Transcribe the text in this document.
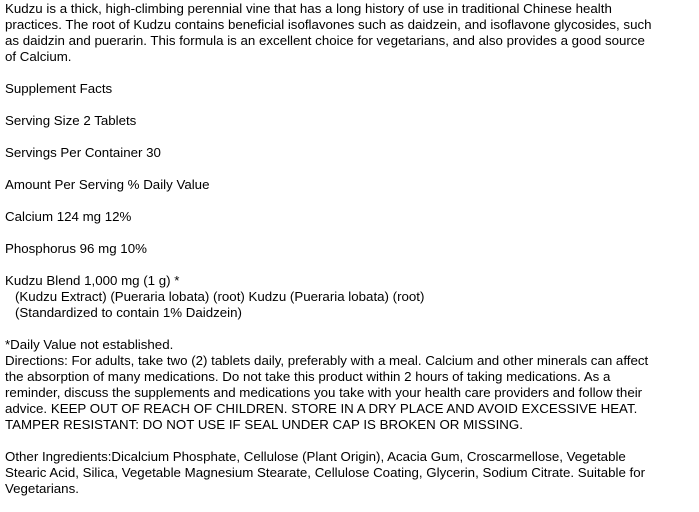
Kudzu is a thick, high-climbing perennial vine that has a long history of use in traditional Chinese health
practices. The root of Kudzu contains beneficial isoflavones such as daidzein, and isoflavone glycosides, such
as daidzin and puerarin. This formula is an excellent choice for vegetarians, and also provides a good source
of Calcium.

Supplement Facts

Serving Size 2 Tablets

Servings Per Container 30

Amount Per Serving % Daily Value

Calcium 124 mg 12%

Phosphorus 96 mg 10%

Kudzu Blend 1,000 mg (1 g) *
(Kudzu Extract) (Pueraria lobata) (root) Kudzu (Pueraria lobata) (root)
(Standardized to contain 1% Daidzein)

*Daily Value not established.
Directions: For adults, take two (2) tablets daily, preferably with a meal. Calcium and other minerals can affect
the absorption of many medications. Do not take this product within 2 hours of taking medications. As a
reminder, discuss the supplements and medications you take with your health care providers and follow their
advice. KEEP OUT OF REACH OF CHILDREN. STORE IN A DRY PLACE AND AVOID EXCESSIVE HEAT.
TAMPER RESISTANT: DO NOT USE IF SEAL UNDER CAP IS BROKEN OR MISSING.

Other Ingredients:Dicalcium Phosphate, Cellulose (Plant Origin), Acacia Gum, Croscarmellose, Vegetable
Stearic Acid, Silica, Vegetable Magnesium Stearate, Cellulose Coating, Glycerin, Sodium Citrate. Suitable for
Vegetarians.
